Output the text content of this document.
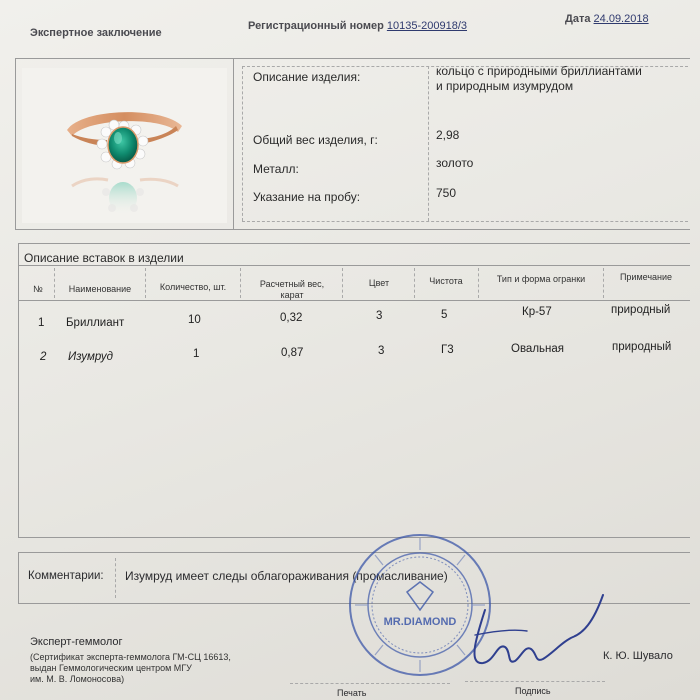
Экспертное заключение
Регистрационный номер 10135-200918/3
Дата 24.09.2018
Описание изделия:	кольцо с природными бриллиантами
и природным изумрудом
Общий вес изделия, г:	2,98
Металл:	золото
Указание на пробу:	750
Описание вставок в изделии
№	Наименование	Количество, шт.	Расчетный вес,
карат
Цвет	Чистота	Тип и форма огранки	Примечание
1 Бриллиант	10	0,32	3	5	Кр-57	природный
2 Изумруд	1	0,87	3	Г3	Овальная	природный
Комментарии: Изумруд имеет следы облагораживания (промасливание)
MR.DIAMOND
Эксперт-геммолог
(Сертификат эксперта-геммолога ГМ-СЦ 16613,
выдан Геммологическим центром МГУ
им. М. В. Ломоносова)
К. Ю. Шувало
Печать	Подпись
